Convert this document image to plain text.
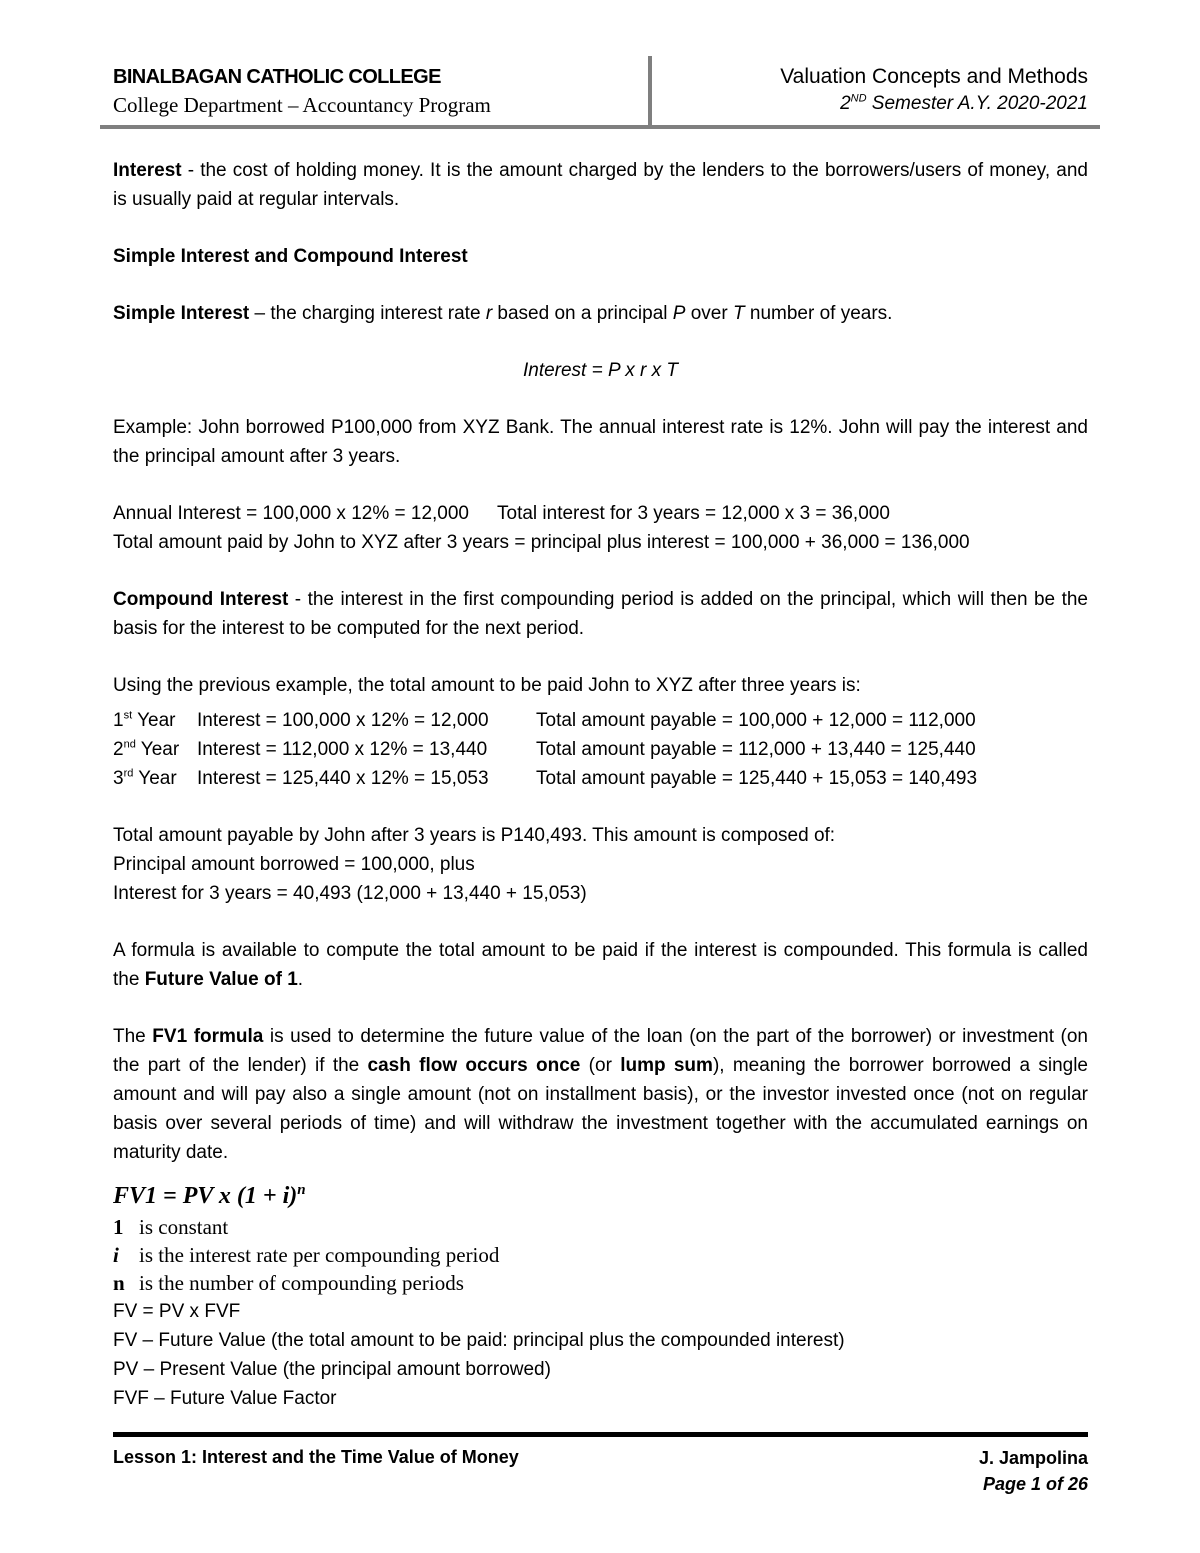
BINALBAGAN CATHOLIC COLLEGE
College Department – Accountancy Program
Valuation Concepts and Methods
2ND Semester A.Y. 2020-2021

Interest - the cost of holding money. It is the amount charged by the lenders to the borrowers/users of money, and is usually paid at regular intervals.

Simple Interest and Compound Interest

Simple Interest – the charging interest rate r based on a principal P over T number of years.

Interest = P x r x T

Example: John borrowed P100,000 from XYZ Bank. The annual interest rate is 12%. John will pay the interest and the principal amount after 3 years.

Annual Interest = 100,000 x 12% = 12,000 Total interest for 3 years = 12,000 x 3 = 36,000

Total amount paid by John to XYZ after 3 years = principal plus interest = 100,000 + 36,000 = 136,000

Compound Interest - the interest in the first compounding period is added on the principal, which will then be the basis for the interest to be computed for the next period.

Using the previous example, the total amount to be paid John to XYZ after three years is:

1st Year Interest = 100,000 x 12% = 12,000 Total amount payable = 100,000 + 12,000 = 112,000

2nd Year Interest = 112,000 x 12% = 13,440	Total amount payable = 112,000 + 13,440 = 125,440

3rd Year Interest = 125,440 x 12% = 15,053 Total amount payable = 125,440 + 15,053 = 140,493

Total amount payable by John after 3 years is P140,493. This amount is composed of:

Principal amount borrowed = 100,000, plus

Interest for 3 years = 40,493 (12,000 + 13,440 + 15,053)

A formula is available to compute the total amount to be paid if the interest is compounded. This formula is called the Future Value of 1.

The FV1 formula is used to determine the future value of the loan (on the part of the borrower) or investment (on the part of the lender) if the cash flow occurs once (or lump sum), meaning the borrower borrowed a single amount and will pay also a single amount (not on installment basis), or the investor invested once (not on regular basis over several periods of time) and will withdraw the investment together with the accumulated earnings on maturity date.

FV1 = PV x $(1 + i)^n$

1 is constant

i is the interest rate per compounding period

n is the number of compounding periods

FV = PV x FVF

FV – Future Value (the total amount to be paid: principal plus the compounded interest)

PV – Present Value (the principal amount borrowed)

FVF – Future Value Factor

Lesson 1: Interest and the Time Value of Money	J. Jampolina
Page 1 of 26
